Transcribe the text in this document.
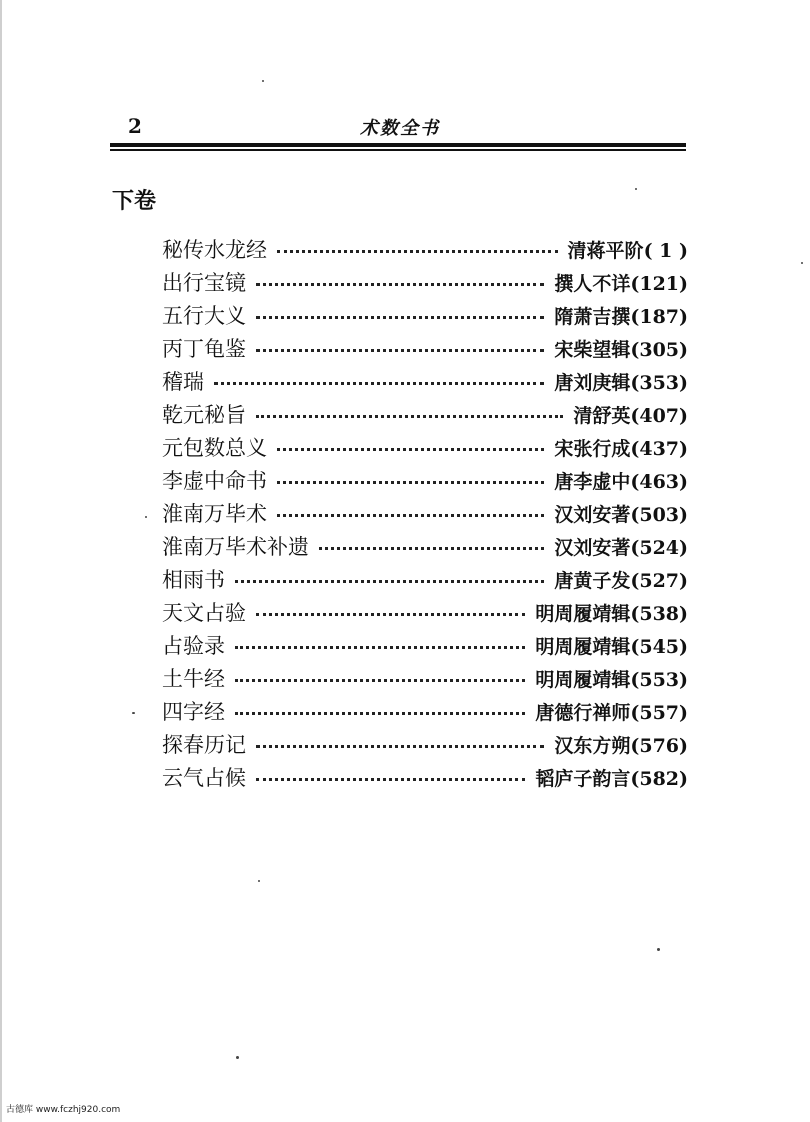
2	术数全书
下卷
秘传水龙经	清蒋平阶 ( 1 )
出行宝镜	撰人不详 (121)
五行大义	隋萧吉撰 (187)
丙丁龟鉴	宋柴望辑 (305)
稽瑞	唐刘庚辑 (353)
乾元秘旨	清舒英 (407)
元包数总义	宋张行成 (437)
李虚中命书	唐李虚中 (463)
淮南万毕术	汉刘安著 (503)
淮南万毕术补遗	汉刘安著 (524)
相雨书	唐黄子发 (527)
天文占验	明周履靖辑 (538)
占验录	明周履靖辑 (545)
土牛经	明周履靖辑 (553)
四字经	唐德行禅师 (557)
探春历记	汉东方朔 (576)
云气占候	韬庐子韵言 (582)
古德库 www.fczhj920.com
